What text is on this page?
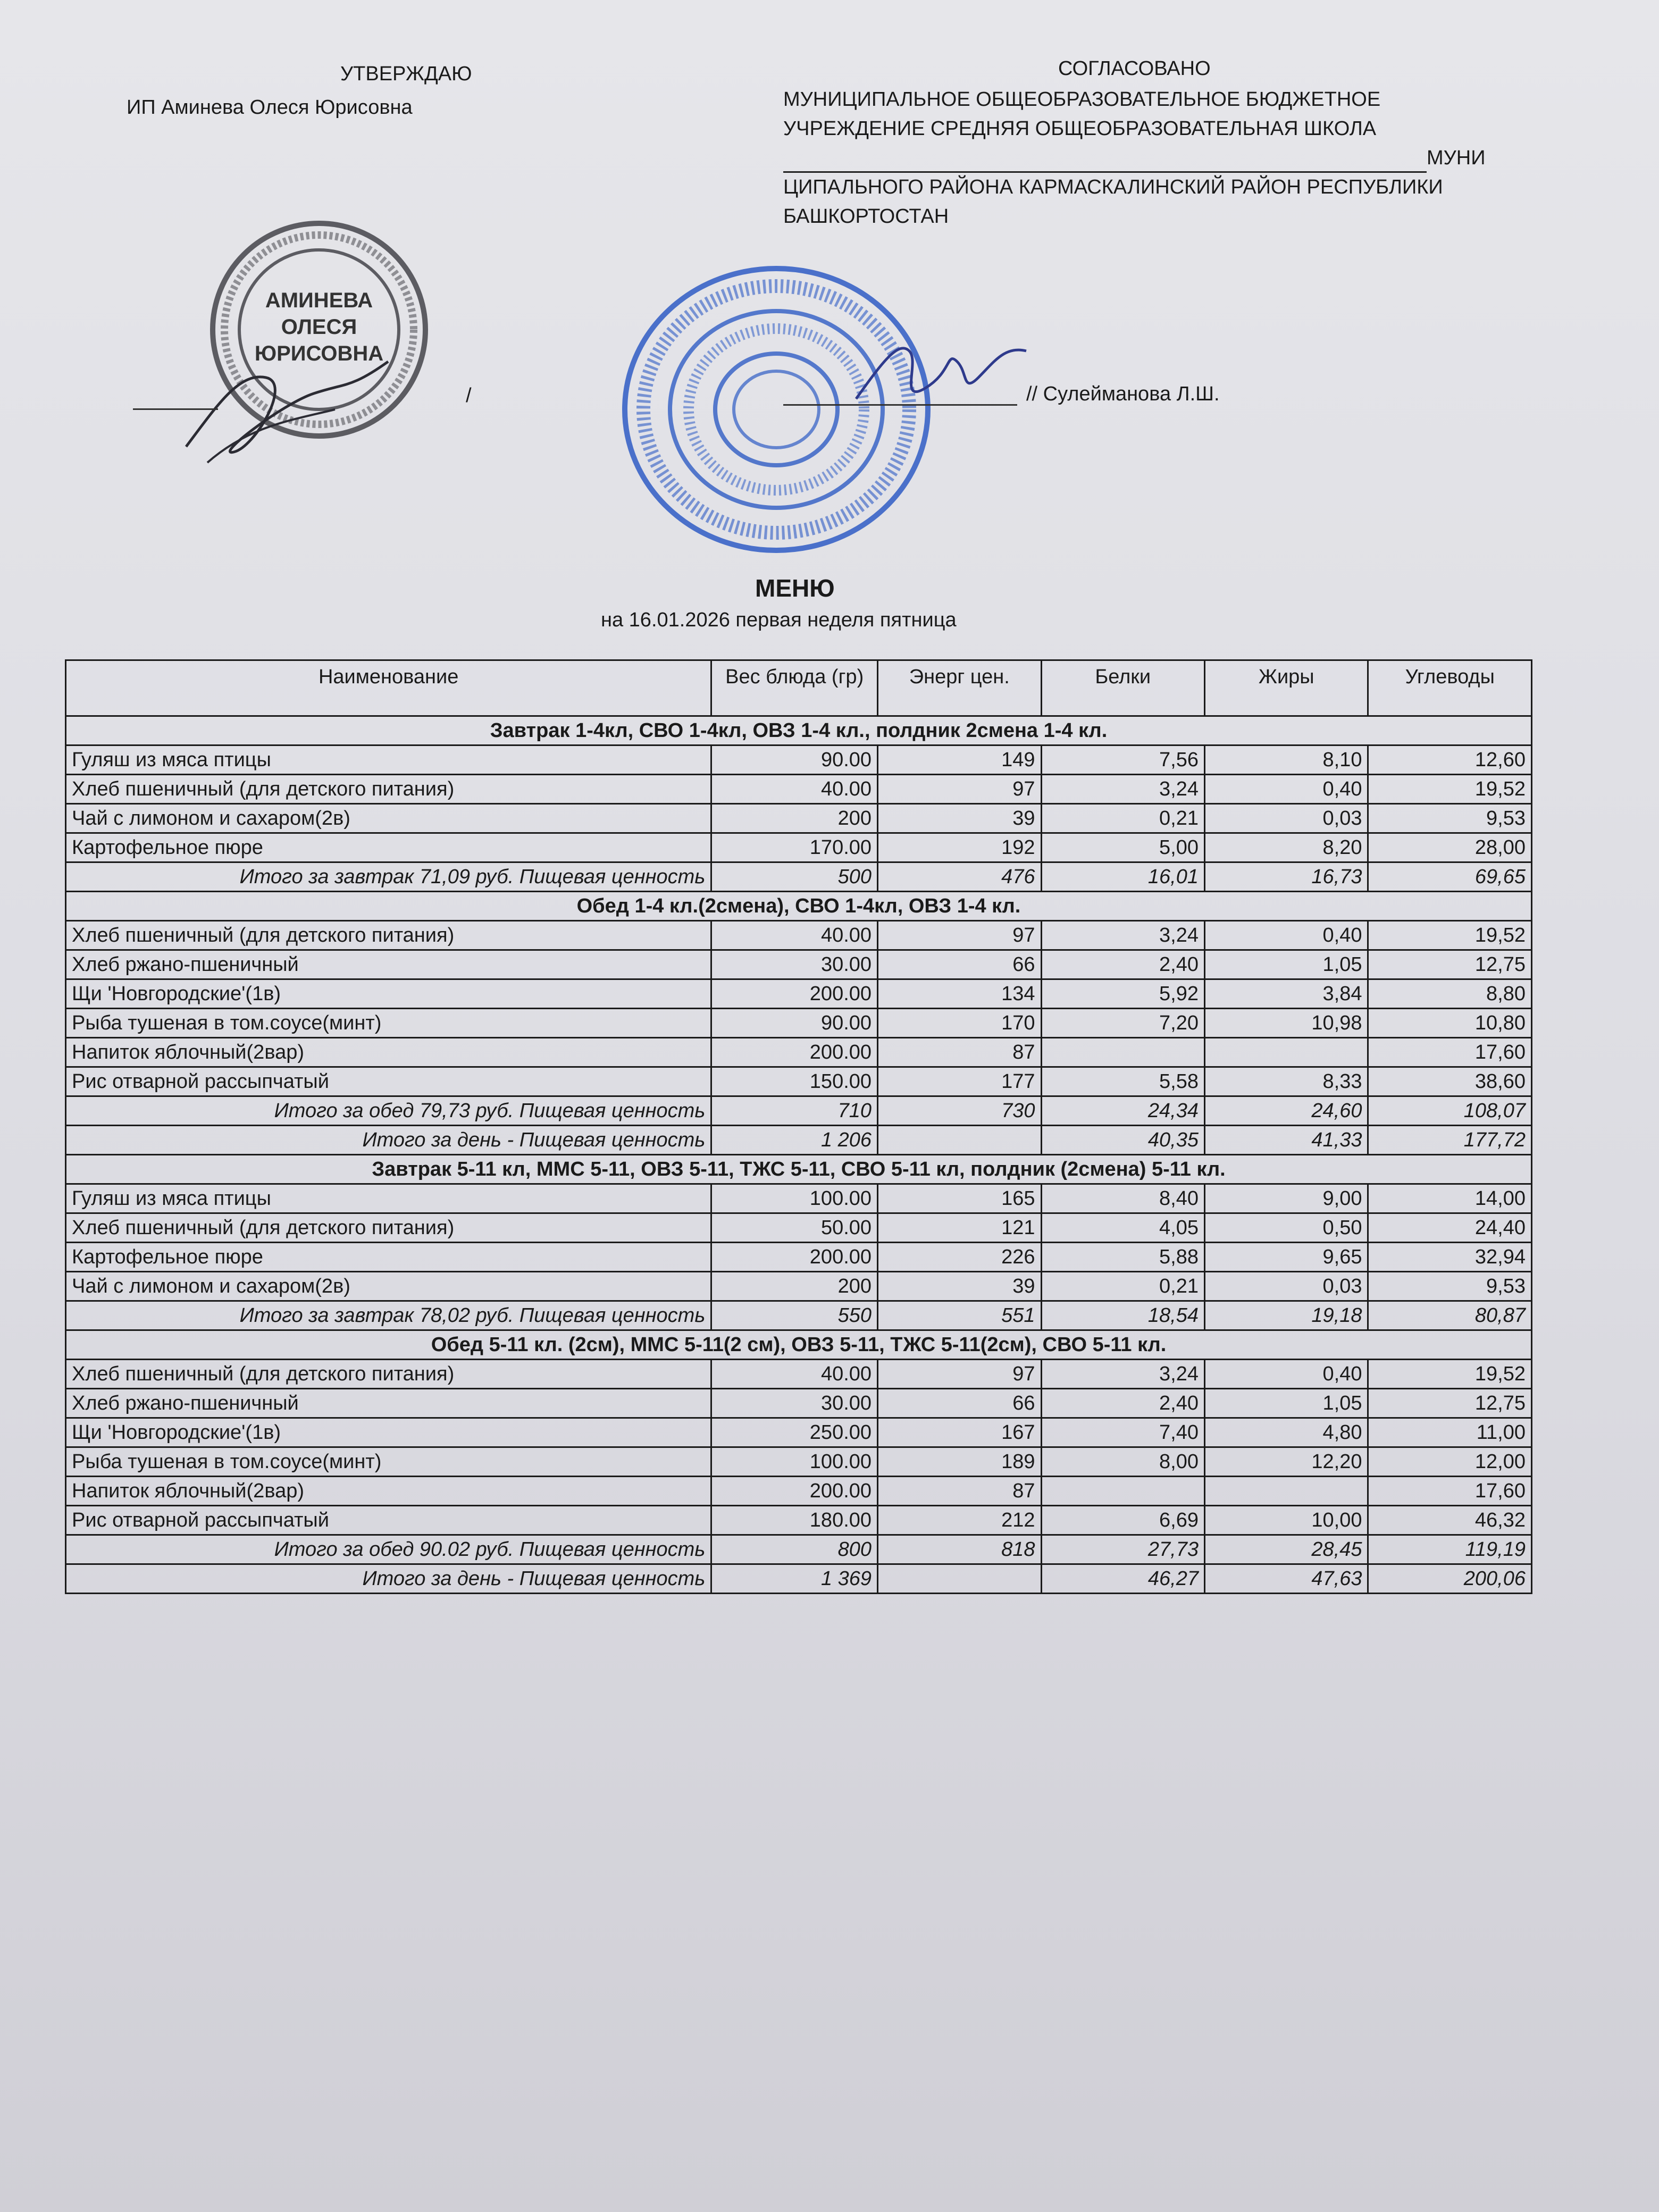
УТВЕРЖДАЮ
ИП Аминева Олеся Юрисовна
СОГЛАСОВАНО
МУНИЦИПАЛЬНОЕ ОБЩЕОБРАЗОВАТЕЛЬНОЕ БЮДЖЕТНОЕ
УЧРЕЖДЕНИЕ СРЕДНЯЯ ОБЩЕОБРАЗОВАТЕЛЬНАЯ ШКОЛА
МУНИ
ЦИПАЛЬНОГО РАЙОНА КАРМАСКАЛИНСКИЙ РАЙОН РЕСПУБЛИКИ
БАШКОРТОСТАН
АМИНЕВА
ОЛЕСЯ
ЮРИСОВНА
/	// Сулейманова Л.Ш.
МЕНЮ
на 16.01.2026 первая неделя пятница
Наименование	Вес блюда (гр)	Энерг цен.	Белки	Жиры	Углеводы
Завтрак 1-4кл, СВО 1-4кл, ОВЗ 1-4 кл., полдник 2смена 1-4 кл.					
Гуляш из мяса птицы	90.00	149	7,56	8,10	12,60
Хлеб пшеничный (для детского питания)	40.00	97	3,24	0,40	19,52
Чай с лимоном и сахаром(2в)	200	39	0,21	0,03	9,53
Картофельное пюре	170.00	192	5,00	8,20	28,00
Итого за завтрак 71,09 руб. Пищевая ценность	500	476	16,01	16,73	69,65
Обед 1-4 кл.(2смена), СВО 1-4кл, ОВЗ 1-4 кл.					
Хлеб пшеничный (для детского питания)	40.00	97	3,24	0,40	19,52
Хлеб ржано-пшеничный	30.00	66	2,40	1,05	12,75
Щи 'Новгородские'(1в)	200.00	134	5,92	3,84	8,80
Рыба тушеная в том.соусе(минт)	90.00	170	7,20	10,98	10,80
Напиток яблочный(2вар)	200.00	87			17,60
Рис отварной рассыпчатый	150.00	177	5,58	8,33	38,60
Итого за обед 79,73 руб. Пищевая ценность	710	730	24,34	24,60	108,07
Итого за день - Пищевая ценность	1 206		40,35	41,33	177,72
Завтрак 5-11 кл, ММС 5-11, ОВЗ 5-11, ТЖС 5-11, СВО 5-11 кл, полдник (2смена) 5-11 кл.					
Гуляш из мяса птицы	100.00	165	8,40	9,00	14,00
Хлеб пшеничный (для детского питания)	50.00	121	4,05	0,50	24,40
Картофельное пюре	200.00	226	5,88	9,65	32,94
Чай с лимоном и сахаром(2в)	200	39	0,21	0,03	9,53
Итого за завтрак 78,02 руб. Пищевая ценность	550	551	18,54	19,18	80,87
Обед 5-11 кл. (2см), ММС 5-11(2 см), ОВЗ 5-11, ТЖС 5-11(2см), СВО 5-11 кл.					
Хлеб пшеничный (для детского питания)	40.00	97	3,24	0,40	19,52
Хлеб ржано-пшеничный	30.00	66	2,40	1,05	12,75
Щи 'Новгородские'(1в)	250.00	167	7,40	4,80	11,00
Рыба тушеная в том.соусе(минт)	100.00	189	8,00	12,20	12,00
Напиток яблочный(2вар)	200.00	87			17,60
Рис отварной рассыпчатый	180.00	212	6,69	10,00	46,32
Итого за обед 90.02 руб. Пищевая ценность	800	818	27,73	28,45	119,19
Итого за день - Пищевая ценность	1 369		46,27	47,63	200,06
